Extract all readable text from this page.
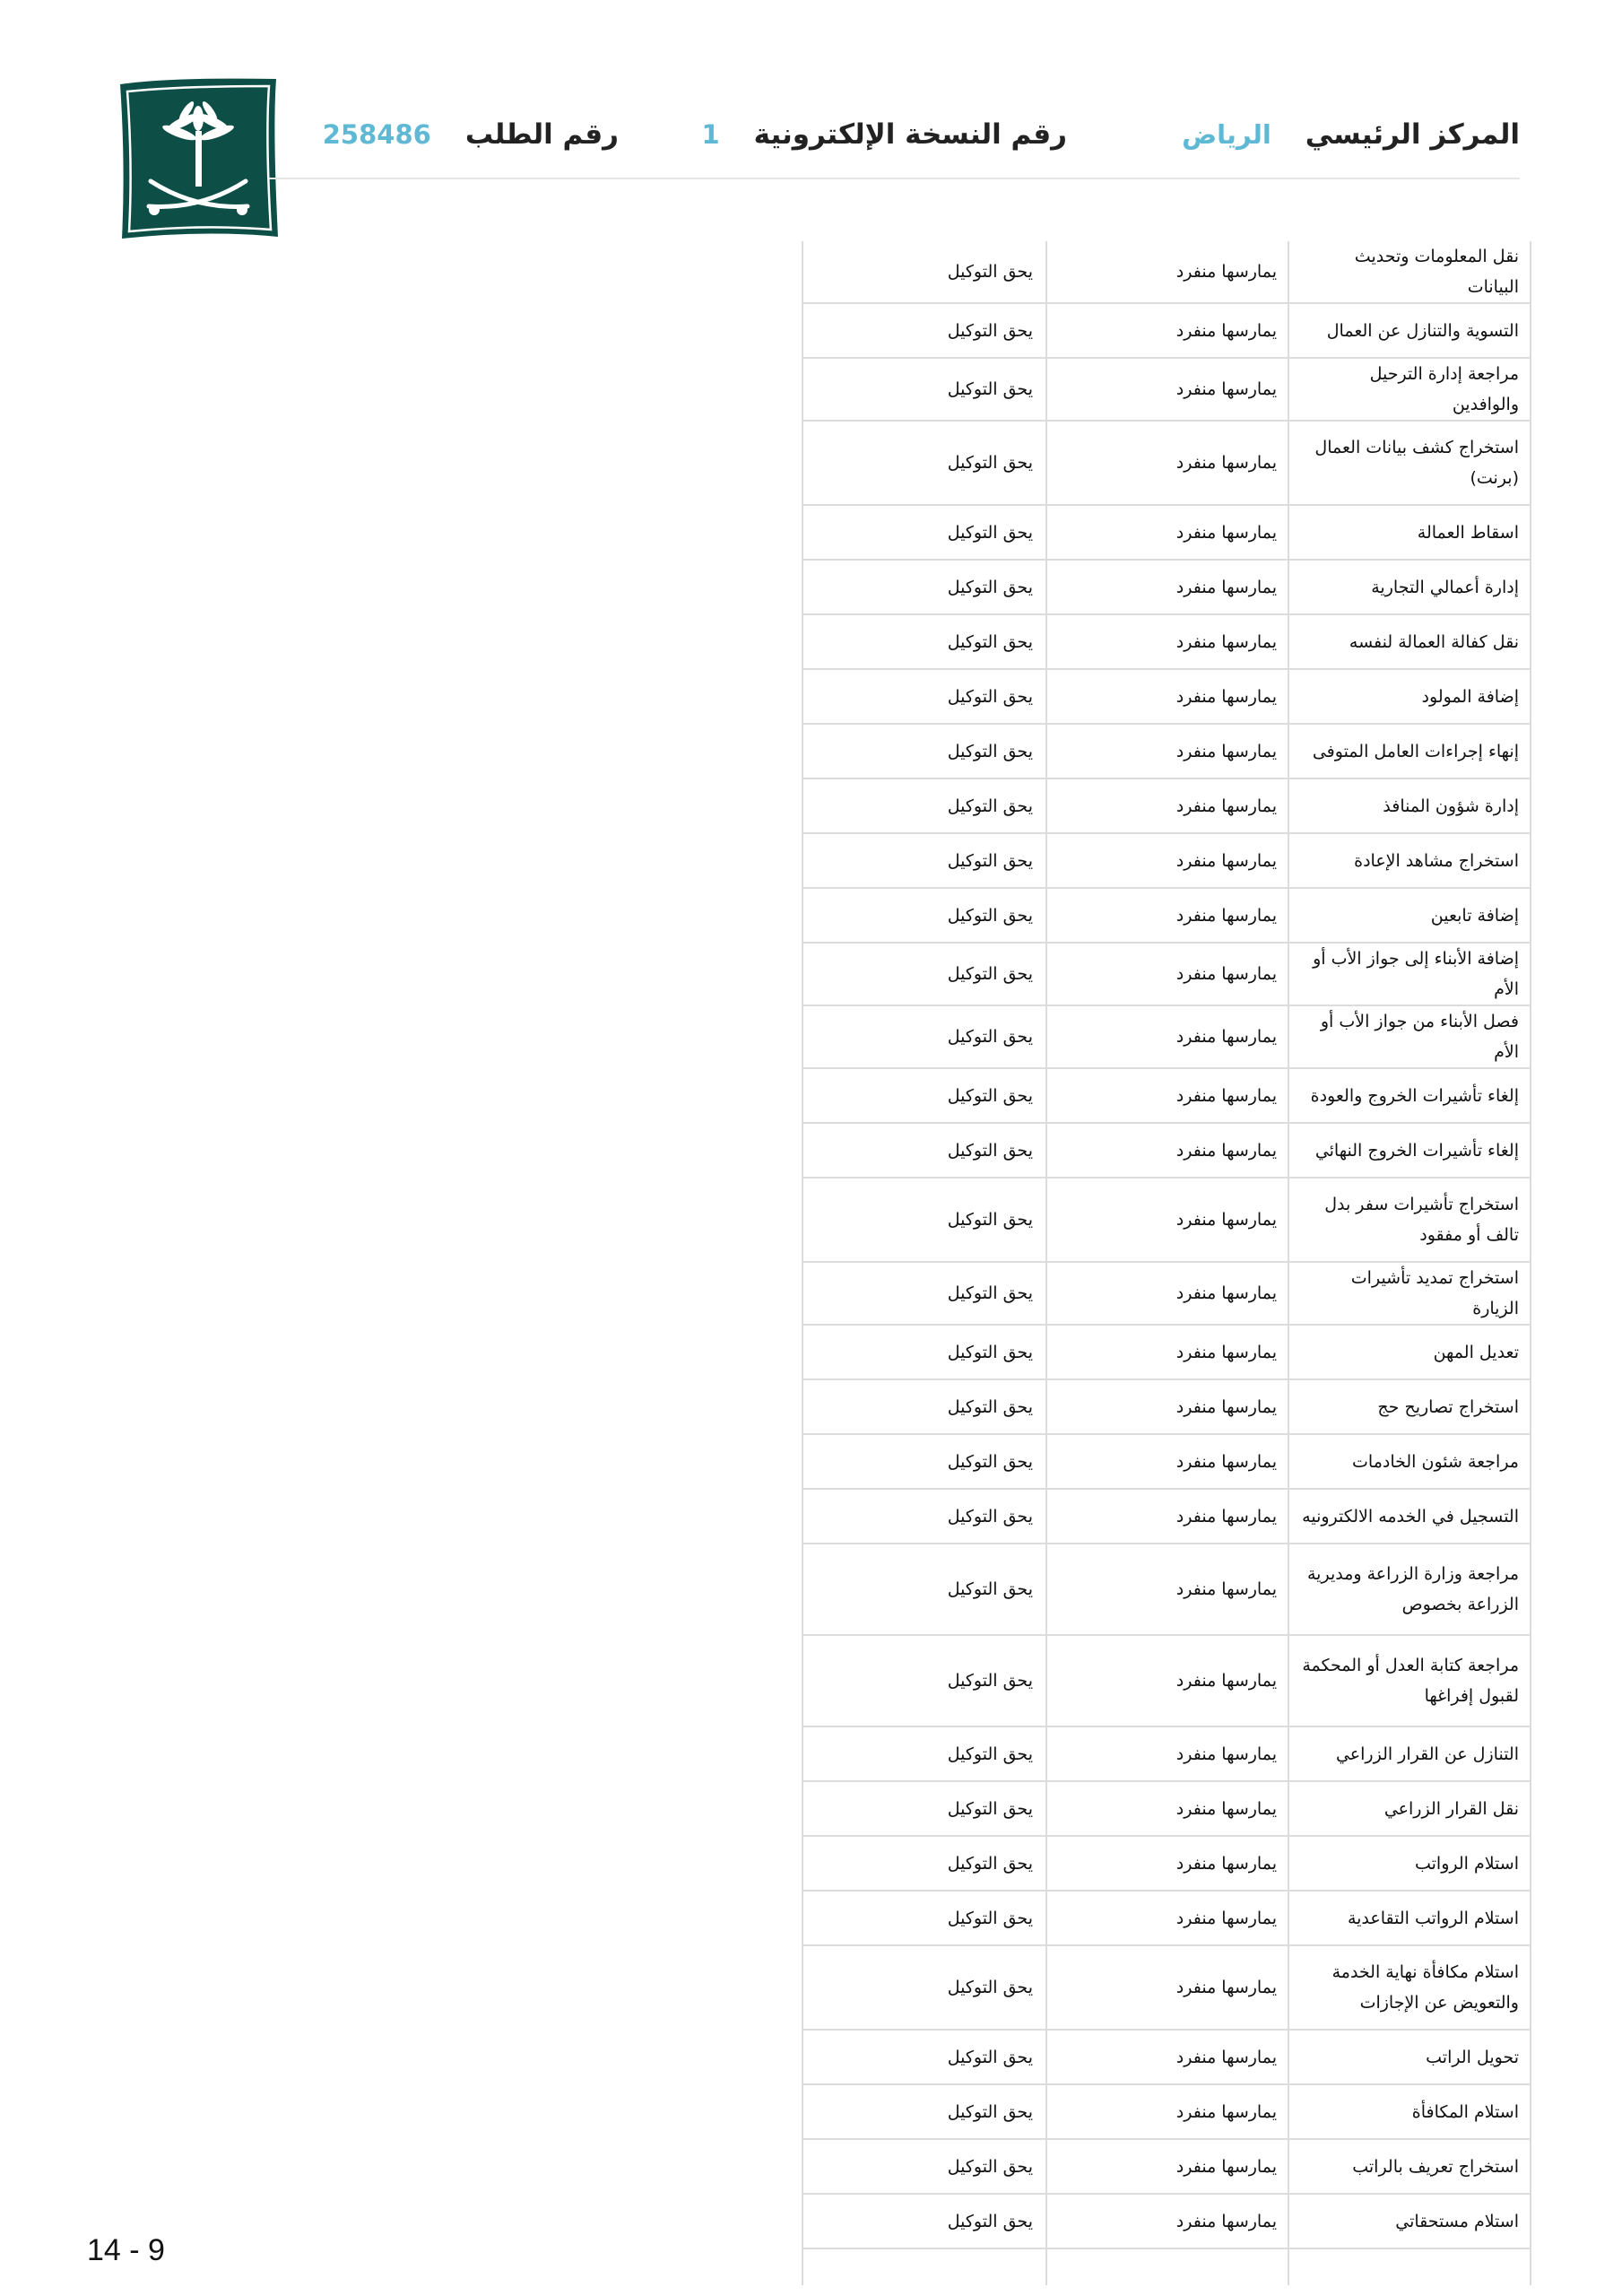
المركز الرئيسي
الرياض
رقم النسخة الإلكترونية
1
رقم الطلب
258486
نقل المعلومات وتحديث البيانات	يمارسها منفرد	يحق التوكيل
التسوية والتنازل عن العمال	يمارسها منفرد	يحق التوكيل
مراجعة إدارة الترحيل والوافدين	يمارسها منفرد	يحق التوكيل
استخراج كشف بيانات العمال (برنت)	يمارسها منفرد	يحق التوكيل
اسقاط العمالة	يمارسها منفرد	يحق التوكيل
إدارة أعمالي التجارية	يمارسها منفرد	يحق التوكيل
نقل كفالة العمالة لنفسه	يمارسها منفرد	يحق التوكيل
إضافة المولود	يمارسها منفرد	يحق التوكيل
إنهاء إجراءات العامل المتوفى	يمارسها منفرد	يحق التوكيل
إدارة شؤون المنافذ	يمارسها منفرد	يحق التوكيل
استخراج مشاهد الإعادة	يمارسها منفرد	يحق التوكيل
إضافة تابعين	يمارسها منفرد	يحق التوكيل
إضافة الأبناء إلى جواز الأب أو الأم	يمارسها منفرد	يحق التوكيل
فصل الأبناء من جواز الأب أو الأم	يمارسها منفرد	يحق التوكيل
إلغاء تأشيرات الخروج والعودة	يمارسها منفرد	يحق التوكيل
إلغاء تأشيرات الخروج النهائي	يمارسها منفرد	يحق التوكيل
استخراج تأشيرات سفر بدل تالف أو مفقود	يمارسها منفرد	يحق التوكيل
استخراج تمديد تأشيرات الزيارة	يمارسها منفرد	يحق التوكيل
تعديل المهن	يمارسها منفرد	يحق التوكيل
استخراج تصاريح حج	يمارسها منفرد	يحق التوكيل
مراجعة شئون الخادمات	يمارسها منفرد	يحق التوكيل
التسجيل في الخدمه الالكترونيه	يمارسها منفرد	يحق التوكيل
مراجعة وزارة الزراعة ومديرية الزراعة بخصوص	يمارسها منفرد	يحق التوكيل
مراجعة كتابة العدل أو المحكمة لقبول إفراغها	يمارسها منفرد	يحق التوكيل
التنازل عن القرار الزراعي	يمارسها منفرد	يحق التوكيل
نقل القرار الزراعي	يمارسها منفرد	يحق التوكيل
استلام الرواتب	يمارسها منفرد	يحق التوكيل
استلام الرواتب التقاعدية	يمارسها منفرد	يحق التوكيل
استلام مكافأة نهاية الخدمة والتعويض عن الإجازات	يمارسها منفرد	يحق التوكيل
تحويل الراتب	يمارسها منفرد	يحق التوكيل
استلام المكافأة	يمارسها منفرد	يحق التوكيل
استخراج تعريف بالراتب	يمارسها منفرد	يحق التوكيل
استلام مستحقاتي	يمارسها منفرد	يحق التوكيل

14 - 9
